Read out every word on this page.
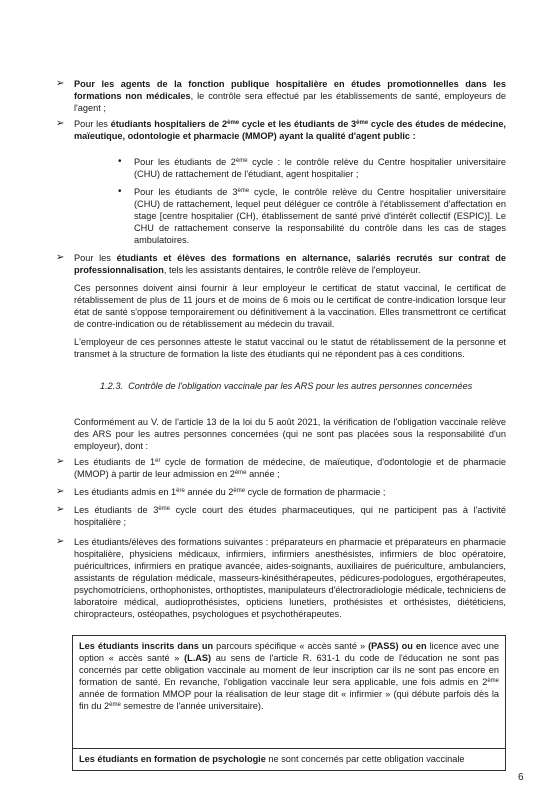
➢ Pour les agents de la fonction publique hospitalière en études promotionnelles dans les formations non médicales, le contrôle sera effectué par les établissements de santé, employeurs de l'agent ;

➢ Pour les étudiants hospitaliers de 2ème cycle et les étudiants de 3ème cycle des études de médecine, maïeutique, odontologie et pharmacie (MMOP) ayant la qualité d'agent public :

• Pour les étudiants de 2ème cycle : le contrôle relève du Centre hospitalier universitaire (CHU) de rattachement de l'étudiant, agent hospitalier ;

• Pour les étudiants de 3ème cycle, le contrôle relève du Centre hospitalier universitaire (CHU) de rattachement, lequel peut déléguer ce contrôle à l'établissement d'affectation en stage [centre hospitalier (CH), établissement de santé privé d'intérêt collectif (ESPIC)]. Le CHU de rattachement conserve la responsabilité du contrôle dans les cas de stages ambulatoires.

➢ Pour les étudiants et élèves des formations en alternance, salariés recrutés sur contrat de professionnalisation, tels les assistants dentaires, le contrôle relève de l'employeur.

Ces personnes doivent ainsi fournir à leur employeur le certificat de statut vaccinal, le certificat de rétablissement de plus de 11 jours et de moins de 6 mois ou le certificat de contre-indication lorsque leur état de santé s'oppose temporairement ou définitivement à la vaccination. Elles transmettront ce certificat de contre-indication ou de rétablissement au médecin du travail.

L'employeur de ces personnes atteste le statut vaccinal ou le statut de rétablissement de la personne et transmet à la structure de formation la liste des étudiants qui ne répondent pas à ces conditions.

1.2.3. Contrôle de l'obligation vaccinale par les ARS pour les autres personnes concernées

Conformément au V. de l'article 13 de la loi du 5 août 2021, la vérification de l'obligation vaccinale relève des ARS pour les autres personnes concernées (qui ne sont pas placées sous la responsabilité d'un employeur), dont :

➢ Les étudiants de 1er cycle de formation de médecine, de maïeutique, d'odontologie et de pharmacie (MMOP) à partir de leur admission en 2ème année ;

➢ Les étudiants admis en 1ère année du 2ème cycle de formation de pharmacie ;

➢ Les étudiants de 3ème cycle court des études pharmaceutiques, qui ne participent pas à l'activité hospitalière ;

➢ Les étudiants/élèves des formations suivantes : préparateurs en pharmacie et préparateurs en pharmacie hospitalière, physiciens médicaux, infirmiers, infirmiers anesthésistes, infirmiers de bloc opératoire, puéricultrices, infirmiers en pratique avancée, aides-soignants, auxiliaires de puériculture, ambulanciers, assistants de régulation médicale, masseurs-kinésithérapeutes, pédicures-podologues, ergothérapeutes, psychomotriciens, orthophonistes, orthoptistes, manipulateurs d'électroradiologie médicale, techniciens de laboratoire médical, audioprothésistes, opticiens lunetiers, prothésistes et orthésistes, diététiciens, chiropracteurs, ostéopathes, psychologues et psychothérapeutes.

Les étudiants inscrits dans un parcours spécifique « accès santé » (PASS) ou en licence avec une option « accès santé » (L.AS) au sens de l'article R. 631-1 du code de l'éducation ne sont pas concernés par cette obligation vaccinale au moment de leur inscription car ils ne sont pas encore en formation de santé. En revanche, l'obligation vaccinale leur sera applicable, une fois admis en 2ème année de formation MMOP pour la réalisation de leur stage dit « infirmier » (qui débute parfois dès la fin du 2ème semestre de l'année universitaire).

Les étudiants en formation de psychologie ne sont concernés par cette obligation vaccinale

6
